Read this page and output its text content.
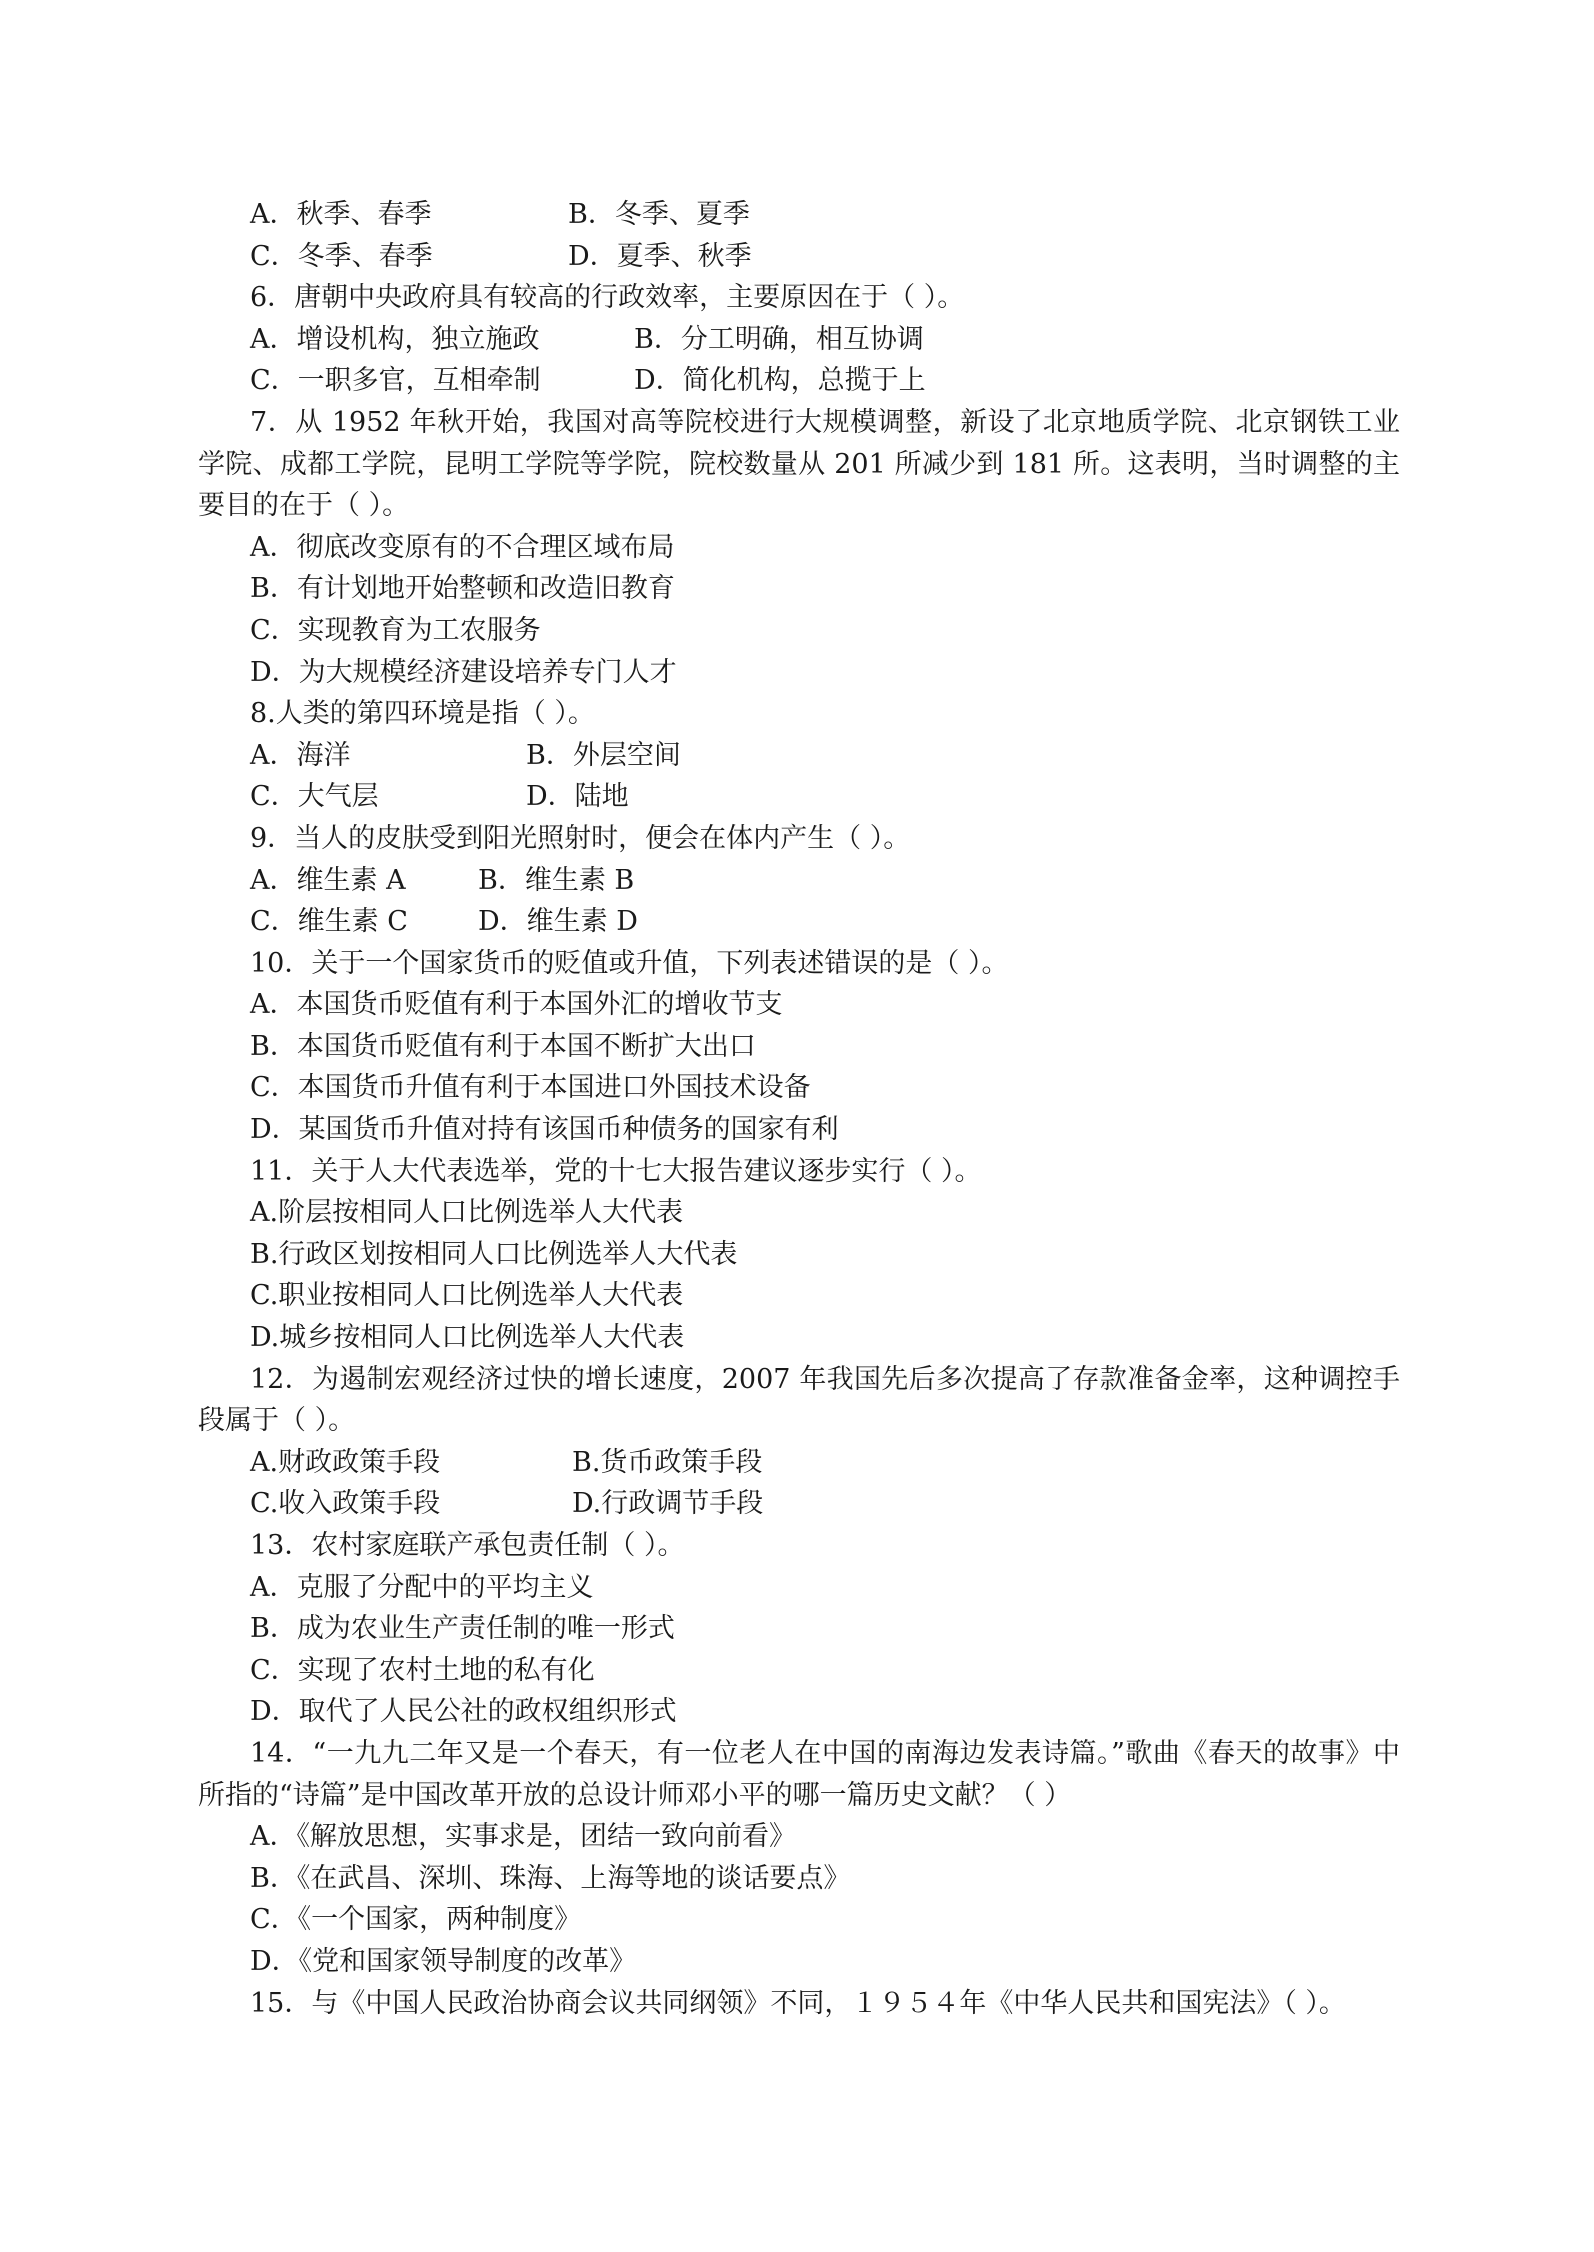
A．秋季、春季	B．冬季、夏季
C．冬季、春季	D．夏季、秋季
6．唐朝中央政府具有较高的行政效率，主要原因在于（ ）。
A．增设机构，独立施政	B．分工明确，相互协调
C．一职多官，互相牵制	D．简化机构，总揽于上
7．从 1952 年秋开始，我国对高等院校进行大规模调整，新设了北京地质学院、北京钢铁工业学院、成都工学院，昆明工学院等学院，院校数量从 201 所减少到 181 所。这表明，当时调整的主要目的在于（ ）。
A．彻底改变原有的不合理区域布局
B．有计划地开始整顿和改造旧教育
C．实现教育为工农服务
D．为大规模经济建设培养专门人才
8.人类的第四环境是指（ ）。
A．海洋	B．外层空间
C．大气层	D．陆地
9．当人的皮肤受到阳光照射时，便会在体内产生（ ）。
A．维生素 A	B．维生素 B
C．维生素 C	D．维生素 D
10．关于一个国家货币的贬值或升值，下列表述错误的是（ ）。
A．本国货币贬值有利于本国外汇的增收节支
B．本国货币贬值有利于本国不断扩大出口
C．本国货币升值有利于本国进口外国技术设备
D．某国货币升值对持有该国币种债务的国家有利
11．关于人大代表选举，党的十七大报告建议逐步实行（ ）。
A.阶层按相同人口比例选举人大代表
B.行政区划按相同人口比例选举人大代表
C.职业按相同人口比例选举人大代表
D.城乡按相同人口比例选举人大代表
12．为遏制宏观经济过快的增长速度，2007 年我国先后多次提高了存款准备金率，这种调控手段属于（ ）。
A.财政政策手段	B.货币政策手段
C.收入政策手段	D.行政调节手段
13．农村家庭联产承包责任制（ ）。
A．克服了分配中的平均主义
B．成为农业生产责任制的唯一形式
C．实现了农村土地的私有化
D．取代了人民公社的政权组织形式
14．“一九九二年又是一个春天，有一位老人在中国的南海边发表诗篇。”歌曲《春天的故事》中所指的“诗篇”是中国改革开放的总设计师邓小平的哪一篇历史文献？（ ）
A．《解放思想，实事求是，团结一致向前看》
B．《在武昌、深圳、珠海、上海等地的谈话要点》
C．《一个国家，两种制度》
D．《党和国家领导制度的改革》
15．与《中国人民政治协商会议共同纲领》不同，１９５４年《中华人民共和国宪法》（ ）。
